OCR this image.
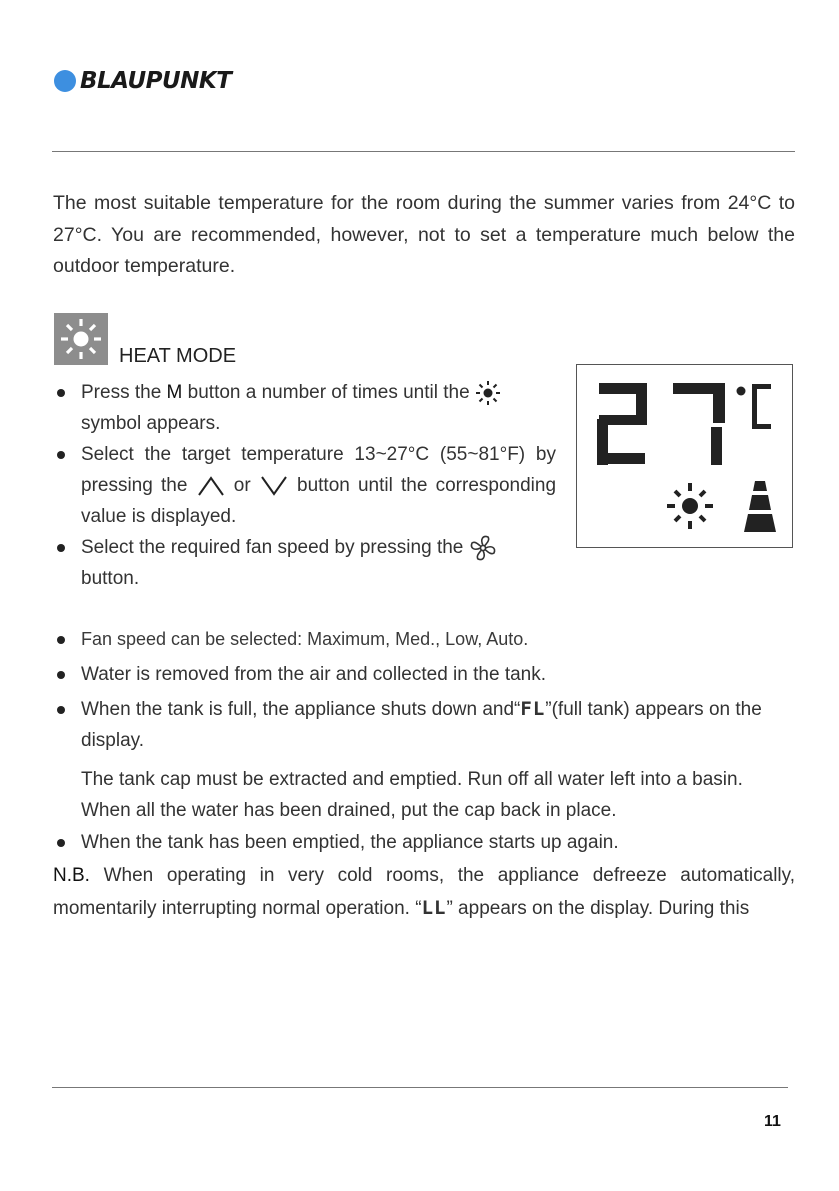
BLAUPUNKT

The most suitable temperature for the room during the summer varies from 24°C to 27°C. You are recommended, however, not to set a temperature much below the outdoor temperature.

HEAT MODE
Press the M button a number of times until the
symbol appears.
Select the target temperature 13~27°C (55~81°F) by pressing the or button until the corresponding value is displayed.
Select the required fan speed by pressing the
button.
Fan speed can be selected: Maximum, Med., Low, Auto.
Water is removed from the air and collected in the tank.
When the tank is full, the appliance shuts down and“FL”(full tank) appears on the display.
The tank cap must be extracted and emptied. Run off all water left into a basin.
When all the water has been drained, put the cap back in place.
When the tank has been emptied, the appliance starts up again.

N.B. When operating in very cold rooms, the appliance defreeze automatically, momentarily interrupting normal operation. “LL” appears on the display. During this

11
